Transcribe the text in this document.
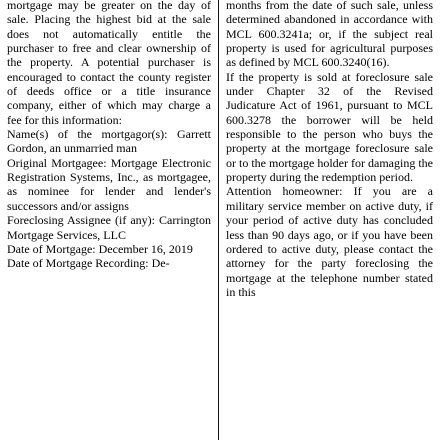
mortgage may be greater on the day of sale. Placing the highest bid at the sale does not automatically entitle the purchaser to free and clear ownership of the property. A potential purchaser is encouraged to contact the county register of deeds office or a title insurance company, either of which may charge a fee for this information:

Name(s) of the mortgagor(s): Garrett Gordon, an unmarried man

Original Mortgagee: Mortgage Electronic Registration Systems, Inc., as mortgagee, as nominee for lender and lender's successors and/or assigns

Foreclosing Assignee (if any): Carrington Mortgage Services, LLC

Date of Mortgage: December 16, 2019

Date of Mortgage Recording: De-

months from the date of such sale, unless determined abandoned in accordance with MCL 600.3241a; or, if the subject real property is used for agricultural purposes as defined by MCL 600.3240(16).

If the property is sold at foreclosure sale under Chapter 32 of the Revised Judicature Act of 1961, pursuant to MCL 600.3278 the borrower will be held responsible to the person who buys the property at the mortgage foreclosure sale or to the mortgage holder for damaging the property during the redemption period.

Attention homeowner: If you are a military service member on active duty, if your period of active duty has concluded less than 90 days ago, or if you have been ordered to active duty, please contact the attorney for the party foreclosing the mortgage at the telephone number stated in this
